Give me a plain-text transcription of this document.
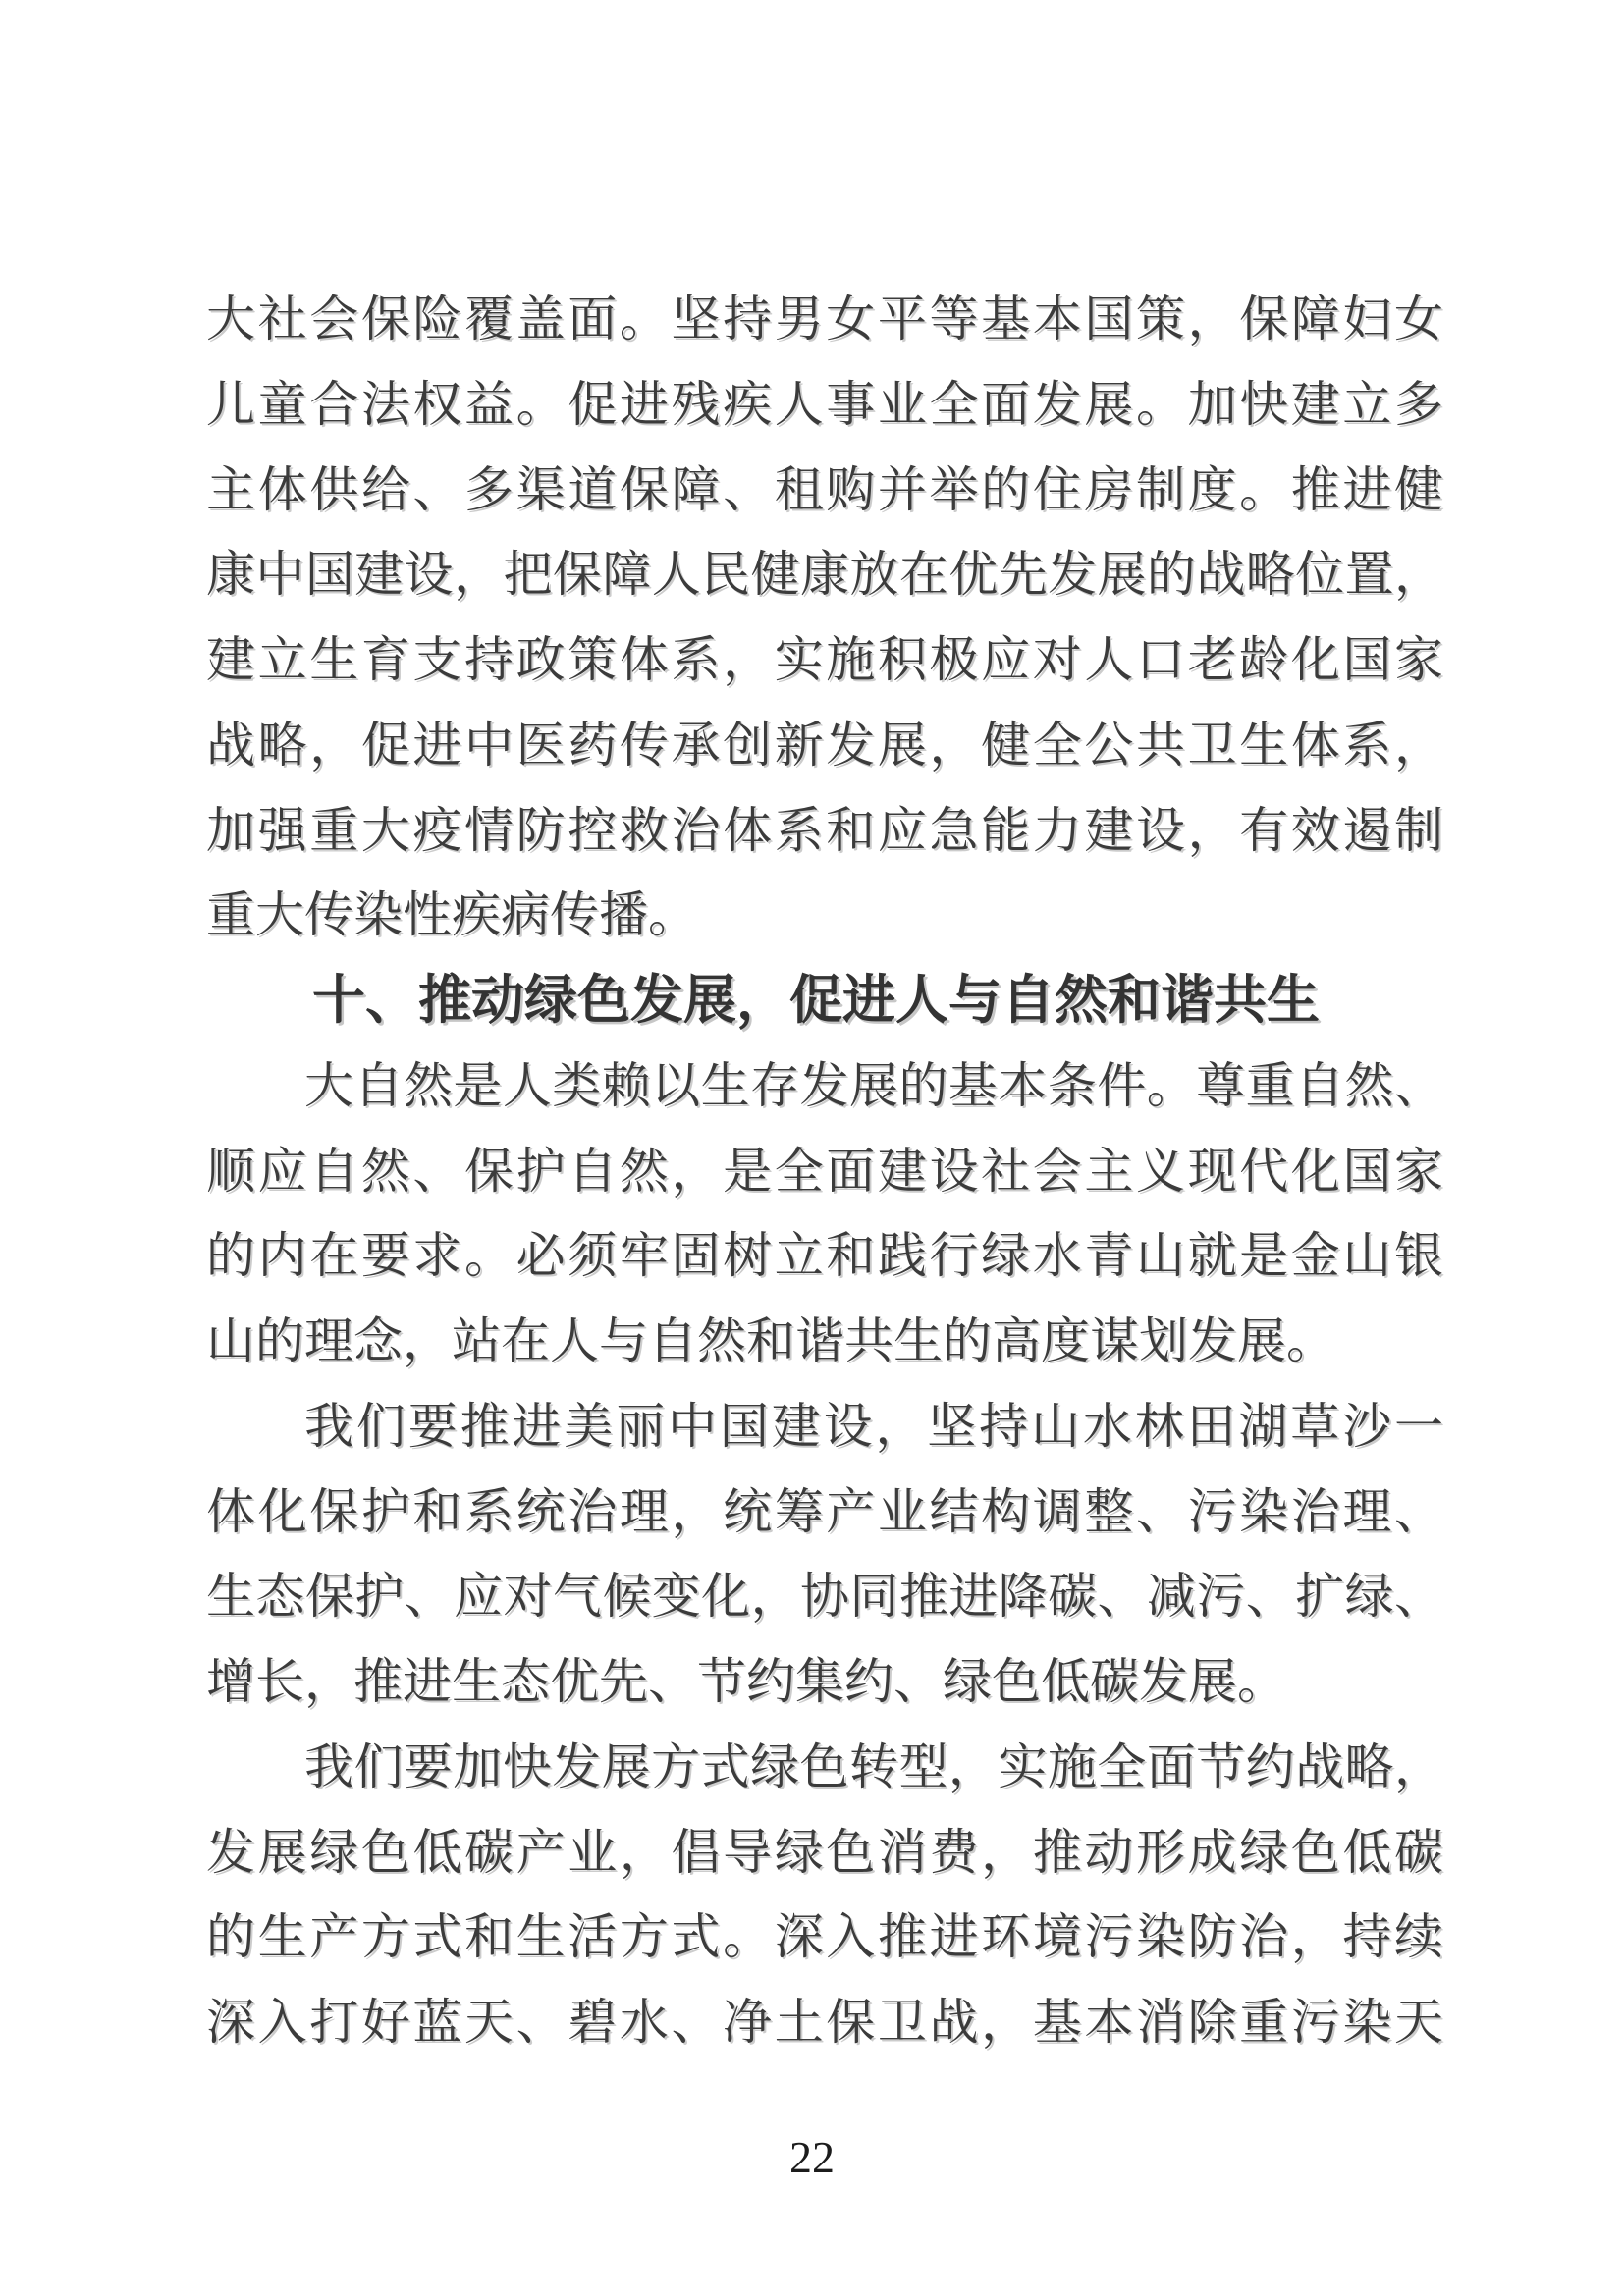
大社会保险覆盖面。坚持男女平等基本国策，保障妇女

儿童合法权益。促进残疾人事业全面发展。加快建立多

主体供给、多渠道保障、租购并举的住房制度。推进健

康中国建设，把保障人民健康放在优先发展的战略位置，

建立生育支持政策体系，实施积极应对人口老龄化国家

战略，促进中医药传承创新发展，健全公共卫生体系，

加强重大疫情防控救治体系和应急能力建设，有效遏制

重大传染性疾病传播。

十、推动绿色发展，促进人与自然和谐共生

大自然是人类赖以生存发展的基本条件。尊重自然、

顺应自然、保护自然，是全面建设社会主义现代化国家

的内在要求。必须牢固树立和践行绿水青山就是金山银

山的理念，站在人与自然和谐共生的高度谋划发展。

我们要推进美丽中国建设，坚持山水林田湖草沙一

体化保护和系统治理，统筹产业结构调整、污染治理、

生态保护、应对气候变化，协同推进降碳、减污、扩绿、

增长，推进生态优先、节约集约、绿色低碳发展。

我们要加快发展方式绿色转型，实施全面节约战略，

发展绿色低碳产业，倡导绿色消费，推动形成绿色低碳

的生产方式和生活方式。深入推进环境污染防治，持续

深入打好蓝天、碧水、净土保卫战，基本消除重污染天

22
